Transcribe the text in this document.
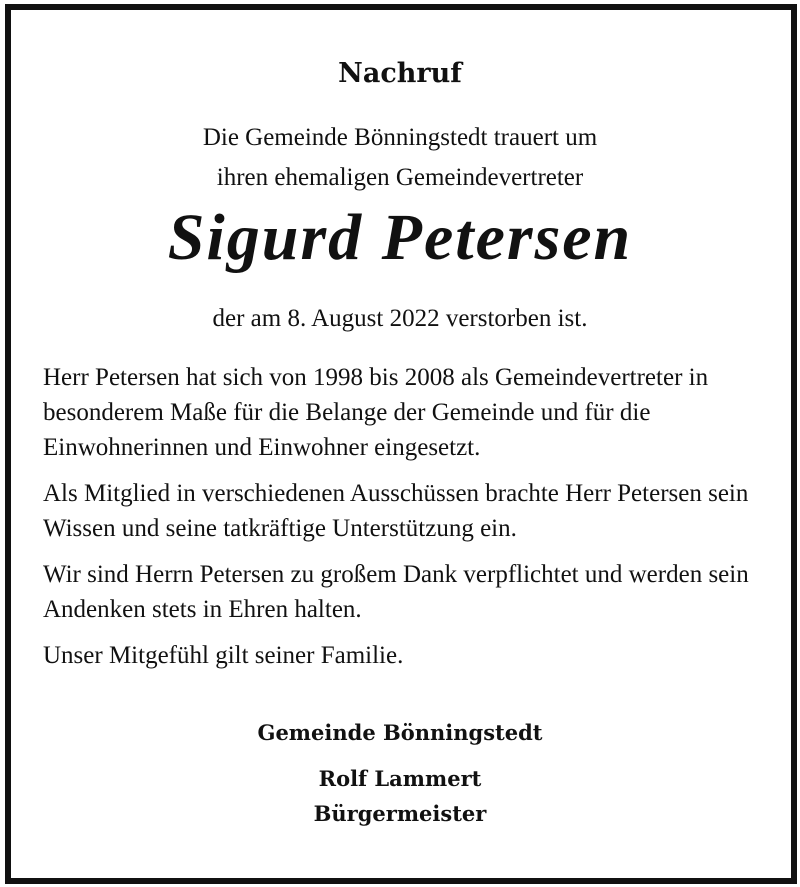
Nachruf
Die Gemeinde Bönningstedt trauert um
ihren ehemaligen Gemeindevertreter
Sigurd Petersen
der am 8. August 2022 verstorben ist.

Herr Petersen hat sich von 1998 bis 2008 als Gemeindevertreter in besonderem Maße für die Belange der Gemeinde und für die Einwohnerinnen und Einwohner eingesetzt.

Als Mitglied in verschiedenen Ausschüssen brachte Herr Petersen sein Wissen und seine tatkräftige Unterstützung ein.

Wir sind Herrn Petersen zu großem Dank verpflichtet und werden sein Andenken stets in Ehren halten.

Unser Mitgefühl gilt seiner Familie.

Gemeinde Bönningstedt
Rolf Lammert
Bürgermeister
